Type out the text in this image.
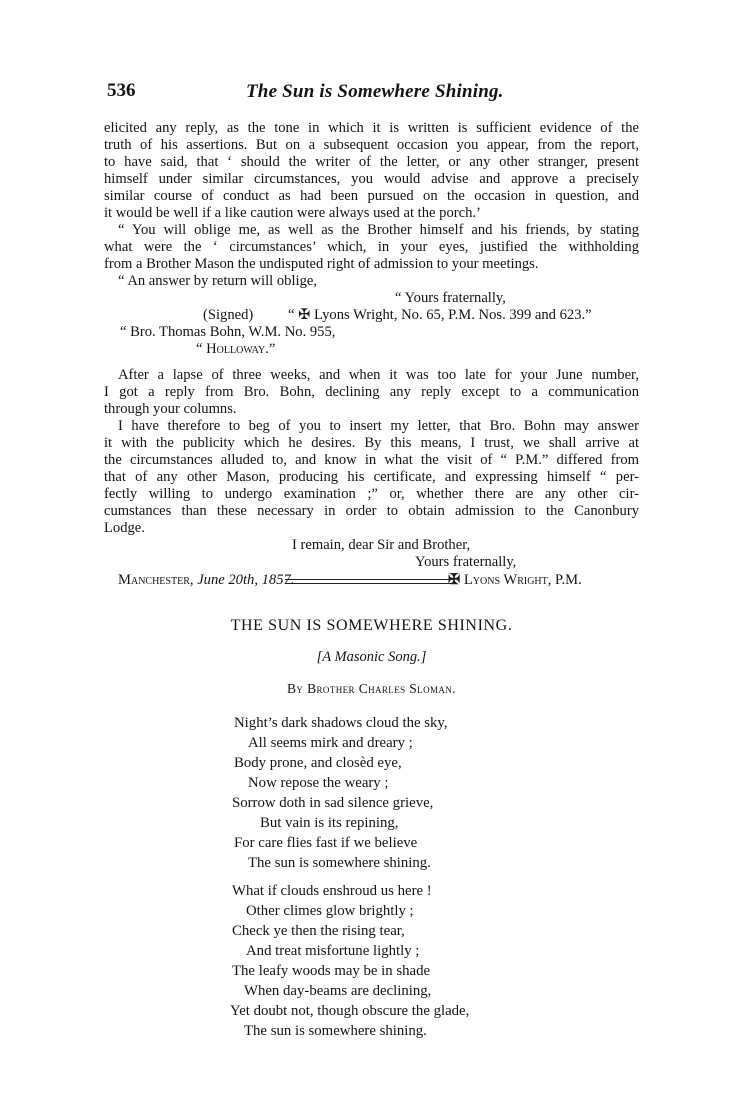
536	The Sun is Somewhere Shining.
elicited any reply, as the tone in which it is written is sufficient evidence of the
truth of his assertions. But on a subsequent occasion you appear, from the report,
to have said, that ‘ should the writer of the letter, or any other stranger, present
himself under similar circumstances, you would advise and approve a precisely
similar course of conduct as had been pursued on the occasion in question, and
it would be well if a like caution were always used at the porch.’
“ You will oblige me, as well as the Brother himself and his friends, by stating
what were the ‘ circumstances’ which, in your eyes, justified the withholding
from a Brother Mason the undisputed right of admission to your meetings.
“ An answer by return will oblige,
“ Yours fraternally,
(Signed) “ ✠ Lyons Wright, No. 65, P.M. Nos. 399 and 623.”
“ Bro. Thomas Bohn, W.M. No. 955,
“ Holloway.”
After a lapse of three weeks, and when it was too late for your June number,
I got a reply from Bro. Bohn, declining any reply except to a communication
through your columns.
I have therefore to beg of you to insert my letter, that Bro. Bohn may answer
it with the publicity which he desires. By this means, I trust, we shall arrive at
the circumstances alluded to, and know in what the visit of “ P.M.” differed from
that of any other Mason, producing his certificate, and expressing himself “ per-
fectly willing to undergo examination ;” or, whether there are any other cir-
cumstances than these necessary in order to obtain admission to the Canonbury
Lodge.
I remain, dear Sir and Brother,
Yours fraternally,
Manchester, June 20th, 1857.	✠ Lyons Wright, P.M.
THE SUN IS SOMEWHERE SHINING.
[A Masonic Song.]
By Brother Charles Sloman.
Night’s dark shadows cloud the sky,
All seems mirk and dreary ;
Body prone, and closèd eye,
Now repose the weary ;
Sorrow doth in sad silence grieve,
But vain is its repining,
For care flies fast if we believe
The sun is somewhere shining.
What if clouds enshroud us here !
Other climes glow brightly ;
Check ye then the rising tear,
And treat misfortune lightly ;
The leafy woods may be in shade
When day-beams are declining,
Yet doubt not, though obscure the glade,
The sun is somewhere shining.
